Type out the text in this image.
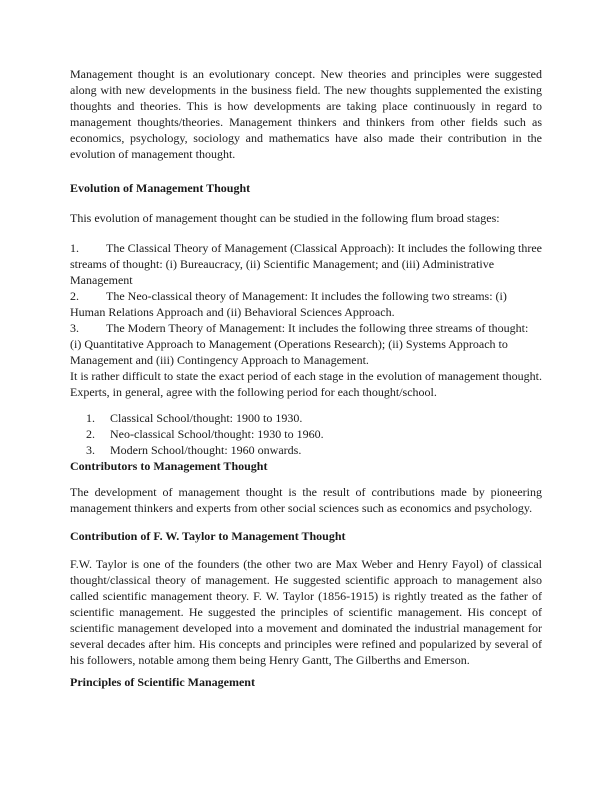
Management thought is an evolutionary concept. New theories and principles were suggested along with new developments in the business field. The new thoughts supplemented the existing thoughts and theories. This is how developments are taking place continuously in regard to management thoughts/theories. Management thinkers and thinkers from other fields such as economics, psychology, sociology and mathematics have also made their contribution in the evolution of management thought.

Evolution of Management Thought

This evolution of management thought can be studied in the following flum broad stages:

1. The Classical Theory of Management (Classical Approach): It includes the following three streams of thought: (i) Bureaucracy, (ii) Scientific Management; and (iii) Administrative Management

2. The Neo-classical theory of Management: It includes the following two streams: (i) Human Relations Approach and (ii) Behavioral Sciences Approach.

3. The Modern Theory of Management: It includes the following three streams of thought: (i) Quantitative Approach to Management (Operations Research); (ii) Systems Approach to Management and (iii) Contingency Approach to Management.

It is rather difficult to state the exact period of each stage in the evolution of management thought. Experts, in general, agree with the following period for each thought/school.

1. Classical School/thought: 1900 to 1930.

2. Neo-classical School/thought: 1930 to 1960.

3. Modern School/thought: 1960 onwards.

Contributors to Management Thought

The development of management thought is the result of contributions made by pioneering management thinkers and experts from other social sciences such as economics and psychology.

Contribution of F. W. Taylor to Management Thought

F.W. Taylor is one of the founders (the other two are Max Weber and Henry Fayol) of classical thought/classical theory of management. He suggested scientific approach to management also called scientific management theory. F. W. Taylor (1856-1915) is rightly treated as the father of scientific management. He suggested the principles of scientific management. His concept of scientific management developed into a movement and dominated the industrial management for several decades after him. His concepts and principles were refined and popularized by several of his followers, notable among them being Henry Gantt, The Gilberths and Emerson.

Principles of Scientific Management
